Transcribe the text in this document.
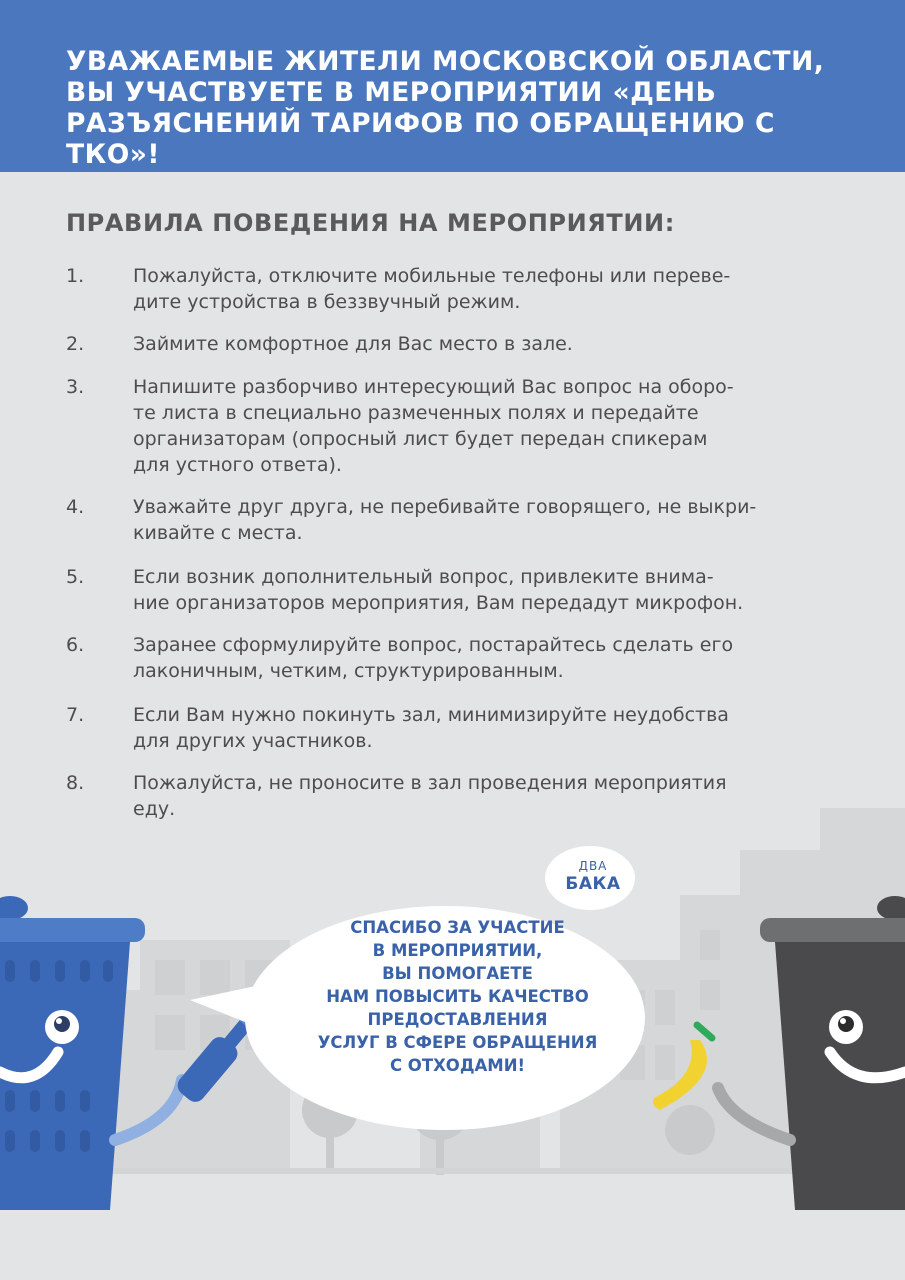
УВАЖАЕМЫЕ ЖИТЕЛИ МОСКОВСКОЙ ОБЛАСТИ, ВЫ УЧАСТВУЕТЕ В МЕРОПРИЯТИИ «ДЕНЬ РАЗЪЯСНЕНИЙ ТАРИФОВ ПО ОБРАЩЕНИЮ С ТКО»!
ПРАВИЛА ПОВЕДЕНИЯ НА МЕРОПРИЯТИИ:
1.	Пожалуйста, отключите мобильные телефоны или переве-
дите устройства в беззвучный режим.
2.	Займите комфортное для Вас место в зале.
3.	Напишите разборчиво интересующий Вас вопрос на оборо-
те листа в специально размеченных полях и передайте
организаторам (опросный лист будет передан спикерам
для устного ответа).
4.	Уважайте друг друга, не перебивайте говорящего, не выкри-
кивайте с места.
5.	Если возник дополнительный вопрос, привлеките внима-
ние организаторов мероприятия, Вам передадут микрофон.
6.	Заранее сформулируйте вопрос, постарайтесь сделать его
лаконичным, четким, структурированным.
7.	Если Вам нужно покинуть зал, минимизируйте неудобства
для других участников.
8.	Пожалуйста, не проносите в зал проведения мероприятия
еду.

СПАСИБО ЗА УЧАСТИЕ
В МЕРОПРИЯТИИ,
ВЫ ПОМОГАЕТЕ
НАМ ПОВЫСИТЬ КАЧЕСТВО
ПРЕДОСТАВЛЕНИЯ
УСЛУГ В СФЕРЕ ОБРАЩЕНИЯ
С ОТХОДАМИ!

ДВА
БАКА
